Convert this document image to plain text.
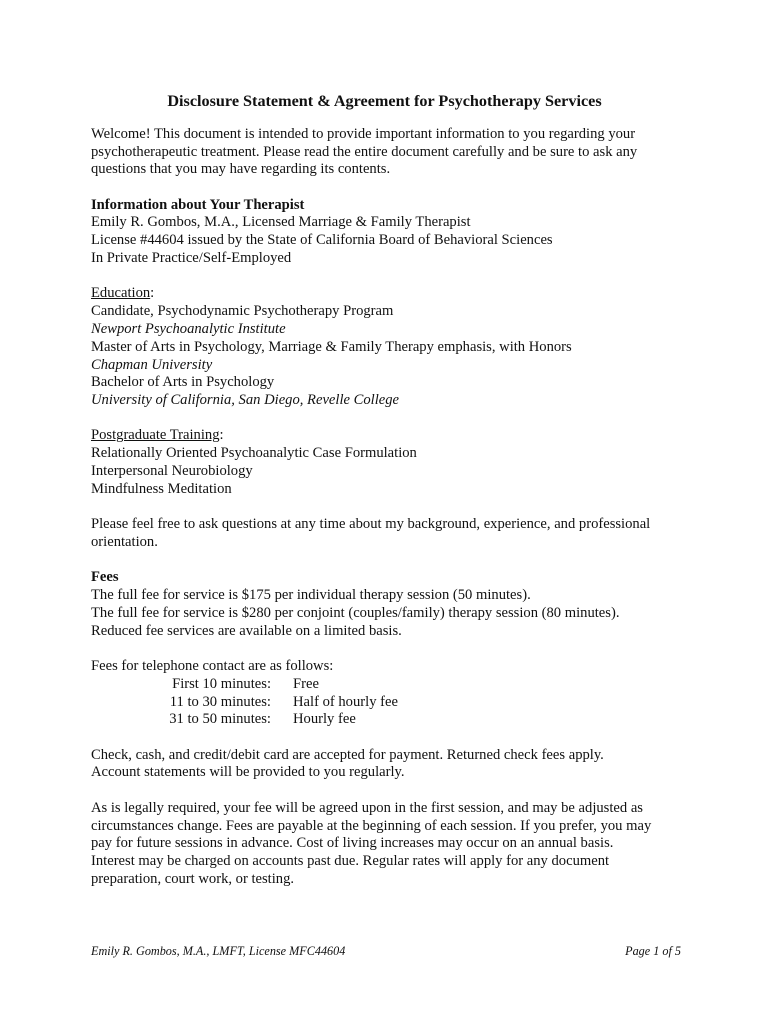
Disclosure Statement & Agreement for Psychotherapy Services

Welcome! This document is intended to provide important information to you regarding your

psychotherapeutic treatment. Please read the entire document carefully and be sure to ask any

questions that you may have regarding its contents.

Information about Your Therapist

Emily R. Gombos, M.A., Licensed Marriage & Family Therapist

License #44604 issued by the State of California Board of Behavioral Sciences

In Private Practice/Self-Employed

Education:

Candidate, Psychodynamic Psychotherapy Program

Newport Psychoanalytic Institute

Master of Arts in Psychology, Marriage & Family Therapy emphasis, with Honors

Chapman University

Bachelor of Arts in Psychology

University of California, San Diego, Revelle College

Postgraduate Training:

Relationally Oriented Psychoanalytic Case Formulation

Interpersonal Neurobiology

Mindfulness Meditation

Please feel free to ask questions at any time about my background, experience, and professional

orientation.

Fees

The full fee for service is $175 per individual therapy session (50 minutes).

The full fee for service is $280 per conjoint (couples/family) therapy session (80 minutes).

Reduced fee services are available on a limited basis.

Fees for telephone contact are as follows:

First 10 minutes: Free
11 to 30 minutes: Half of hourly fee
31 to 50 minutes: Hourly fee

Check, cash, and credit/debit card are accepted for payment. Returned check fees apply.

Account statements will be provided to you regularly.

As is legally required, your fee will be agreed upon in the first session, and may be adjusted as

circumstances change. Fees are payable at the beginning of each session. If you prefer, you may

pay for future sessions in advance. Cost of living increases may occur on an annual basis.

Interest may be charged on accounts past due. Regular rates will apply for any document

preparation, court work, or testing.

Emily R. Gombos, M.A., LMFT, License MFC44604	Page 1 of 5
